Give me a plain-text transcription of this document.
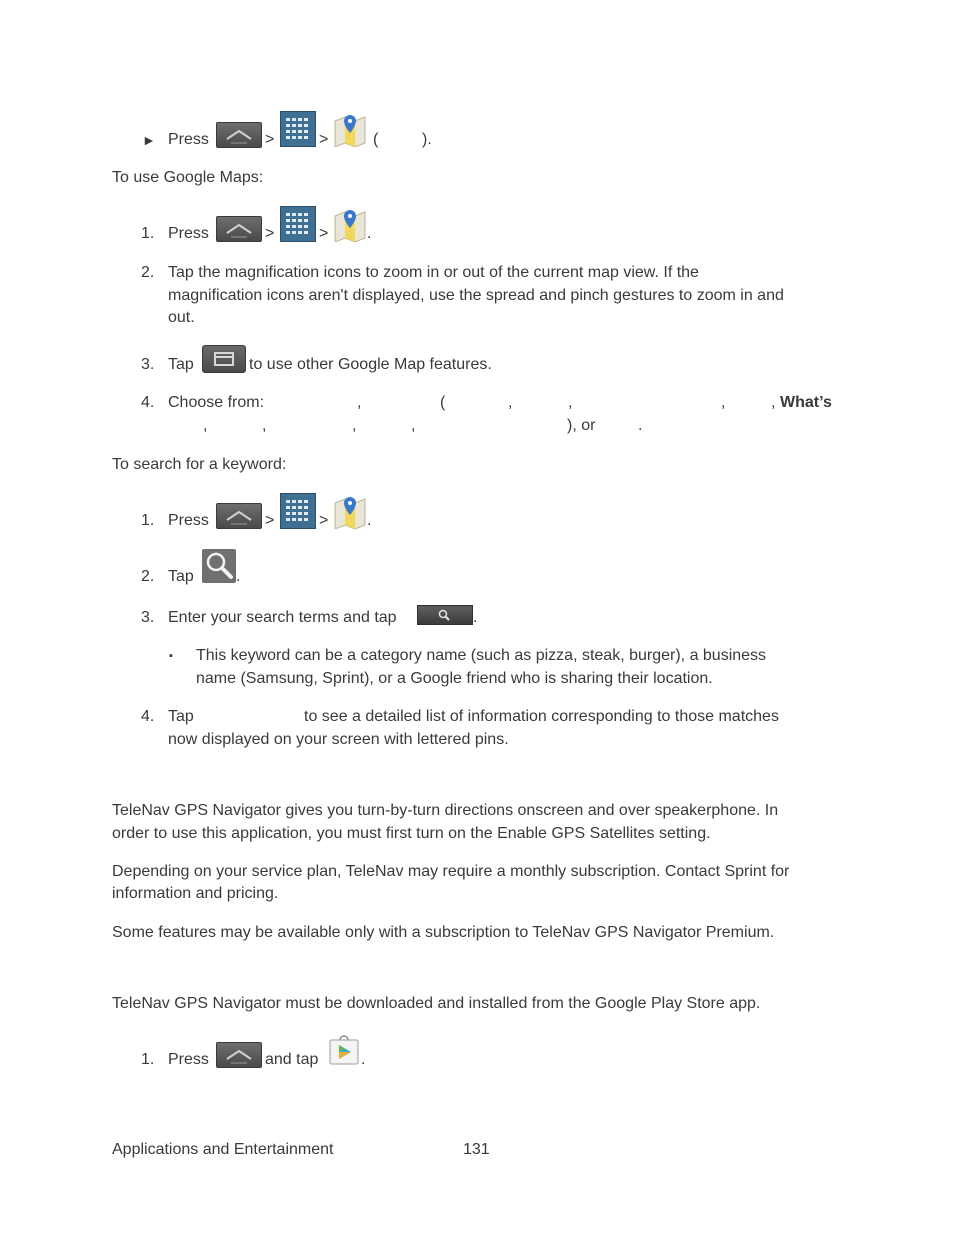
► Press	>	>	(	).
To use Google Maps:
1. Press	>	> .
2. Tap the magnification icons to zoom in or out of the current map view. If the
magnification icons aren't displayed, use the spread and pinch gestures to zoom in and
out.
3. Tap	to use other Google Map features.
4. Choose from:	,	(	,	,	,	, What’s
,	,	,	,	), or	.
To search for a keyword:
1. Press	>	> .
2. Tap	.
3. Enter your search terms and tap	.
▪ This keyword can be a category name (such as pizza, steak, burger), a business
name (Samsung, Sprint), or a Google friend who is sharing their location.
4. Tap	to see a detailed list of information corresponding to those matches
now displayed on your screen with lettered pins.
TeleNav GPS Navigator gives you turn-by-turn directions onscreen and over speakerphone. In
order to use this application, you must first turn on the Enable GPS Satellites setting.
Depending on your service plan, TeleNav may require a monthly subscription. Contact Sprint for
information and pricing.
Some features may be available only with a subscription to TeleNav GPS Navigator Premium.
TeleNav GPS Navigator must be downloaded and installed from the Google Play Store app.
1. Press	and tap	.
Applications and Entertainment	131
